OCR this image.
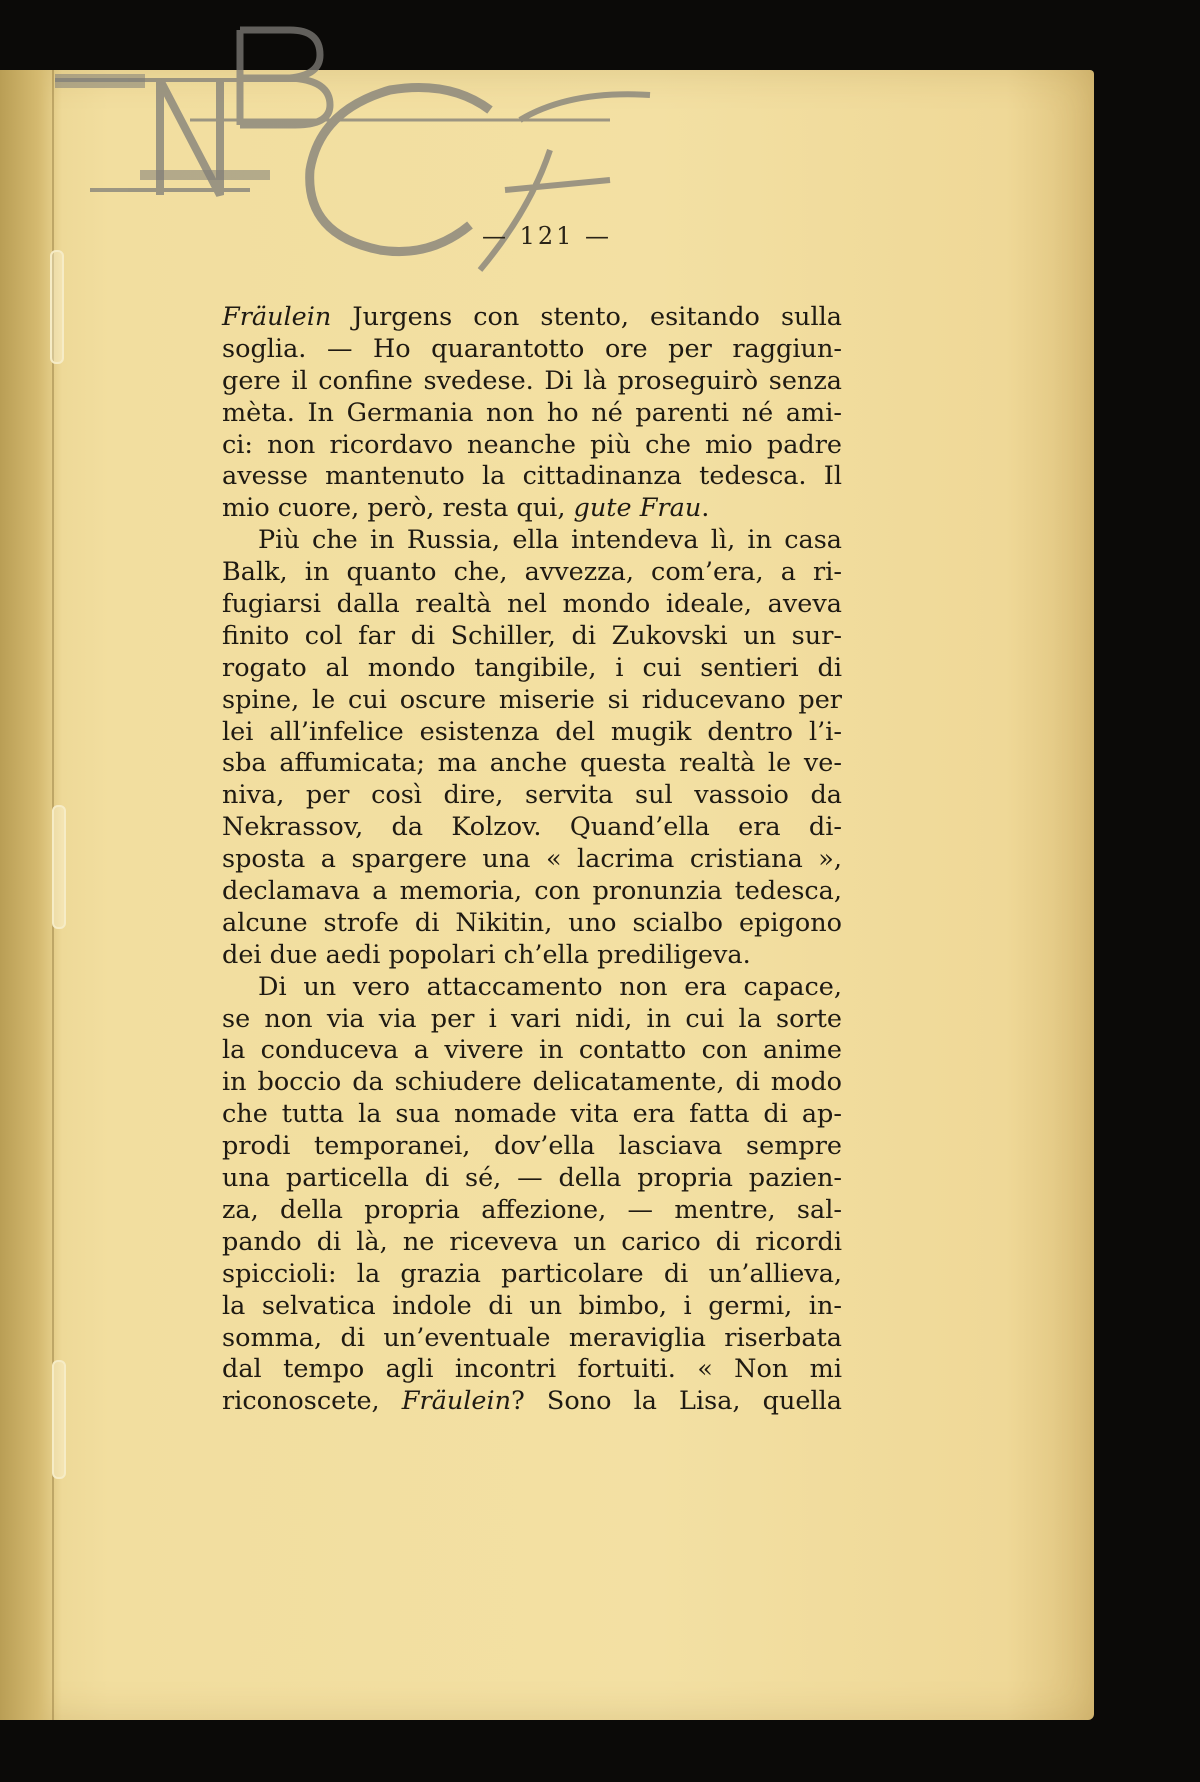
— 121 —
Fräulein Jurgens con stento, esitando sulla
soglia. — Ho quarantotto ore per raggiun-
gere il confine svedese. Di là proseguirò senza
mèta. In Germania non ho né parenti né ami-
ci: non ricordavo neanche più che mio padre
avesse mantenuto la cittadinanza tedesca. Il
mio cuore, però, resta qui, gute Frau.
Più che in Russia, ella intendeva lì, in casa
Balk, in quanto che, avvezza, com’era, a ri-
fugiarsi dalla realtà nel mondo ideale, aveva
finito col far di Schiller, di Zukovski un sur-
rogato al mondo tangibile, i cui sentieri di
spine, le cui oscure miserie si riducevano per
lei all’infelice esistenza del mugik dentro l’i-
sba affumicata; ma anche questa realtà le ve-
niva, per così dire, servita sul vassoio da
Nekrassov, da Kolzov. Quand’ella era di-
sposta a spargere una « lacrima cristiana »,
declamava a memoria, con pronunzia tedesca,
alcune strofe di Nikitin, uno scialbo epigono
dei due aedi popolari ch’ella prediligeva.
Di un vero attaccamento non era capace,
se non via via per i vari nidi, in cui la sorte
la conduceva a vivere in contatto con anime
in boccio da schiudere delicatamente, di modo
che tutta la sua nomade vita era fatta di ap-
prodi temporanei, dov’ella lasciava sempre
una particella di sé, — della propria pazien-
za, della propria affezione, — mentre, sal-
pando di là, ne riceveva un carico di ricordi
spiccioli: la grazia particolare di un’allieva,
la selvatica indole di un bimbo, i germi, in-
somma, di un’eventuale meraviglia riserbata
dal tempo agli incontri fortuiti. « Non mi
riconoscete, Fräulein? Sono la Lisa, quella
